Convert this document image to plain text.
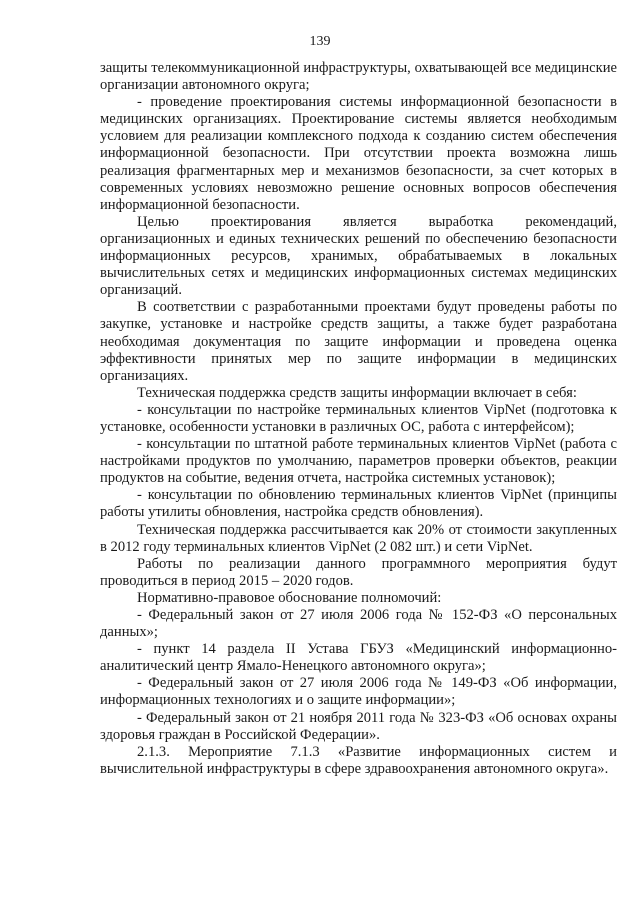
139

защиты телекоммуникационной инфраструктуры, охватывающей все медицинские организации автономного округа;

- проведение проектирования системы информационной безопасности в медицинских организациях. Проектирование системы является необходимым условием для реализации комплексного подхода к созданию систем обеспечения информационной безопасности. При отсутствии проекта возможна лишь реализация фрагментарных мер и механизмов безопасности, за счет которых в современных условиях невозможно решение основных вопросов обеспечения информационной безопасности.

Целью проектирования является выработка рекомендаций, организационных и единых технических решений по обеспечению безопасности информационных ресурсов, хранимых, обрабатываемых в локальных вычислительных сетях и медицинских информационных системах медицинских организаций.

В соответствии с разработанными проектами будут проведены работы по закупке, установке и настройке средств защиты, а также будет разработана необходимая документация по защите информации и проведена оценка эффективности принятых мер по защите информации в медицинских организациях.

Техническая поддержка средств защиты информации включает в себя:

- консультации по настройке терминальных клиентов VipNet (подготовка к установке, особенности установки в различных ОС, работа с интерфейсом);

- консультации по штатной работе терминальных клиентов VipNet (работа с настройками продуктов по умолчанию, параметров проверки объектов, реакции продуктов на событие, ведения отчета, настройка системных установок);

- консультации по обновлению терминальных клиентов VipNet (принципы работы утилиты обновления, настройка средств обновления).

Техническая поддержка рассчитывается как 20% от стоимости закупленных в 2012 году терминальных клиентов VipNet (2 082 шт.) и сети VipNet.

Работы по реализации данного программного мероприятия будут проводиться в период 2015 – 2020 годов.

Нормативно-правовое обоснование полномочий:

- Федеральный закон от 27 июля 2006 года № 152-ФЗ «О персональных данных»;

- пункт 14 раздела II Устава ГБУЗ «Медицинский информационно-аналитический центр Ямало-Ненецкого автономного округа»;

- Федеральный закон от 27 июля 2006 года № 149-ФЗ «Об информации, информационных технологиях и о защите информации»;

- Федеральный закон от 21 ноября 2011 года № 323-ФЗ «Об основах охраны здоровья граждан в Российской Федерации».

2.1.3. Мероприятие 7.1.3 «Развитие информационных систем и вычислительной инфраструктуры в сфере здравоохранения автономного округа».
